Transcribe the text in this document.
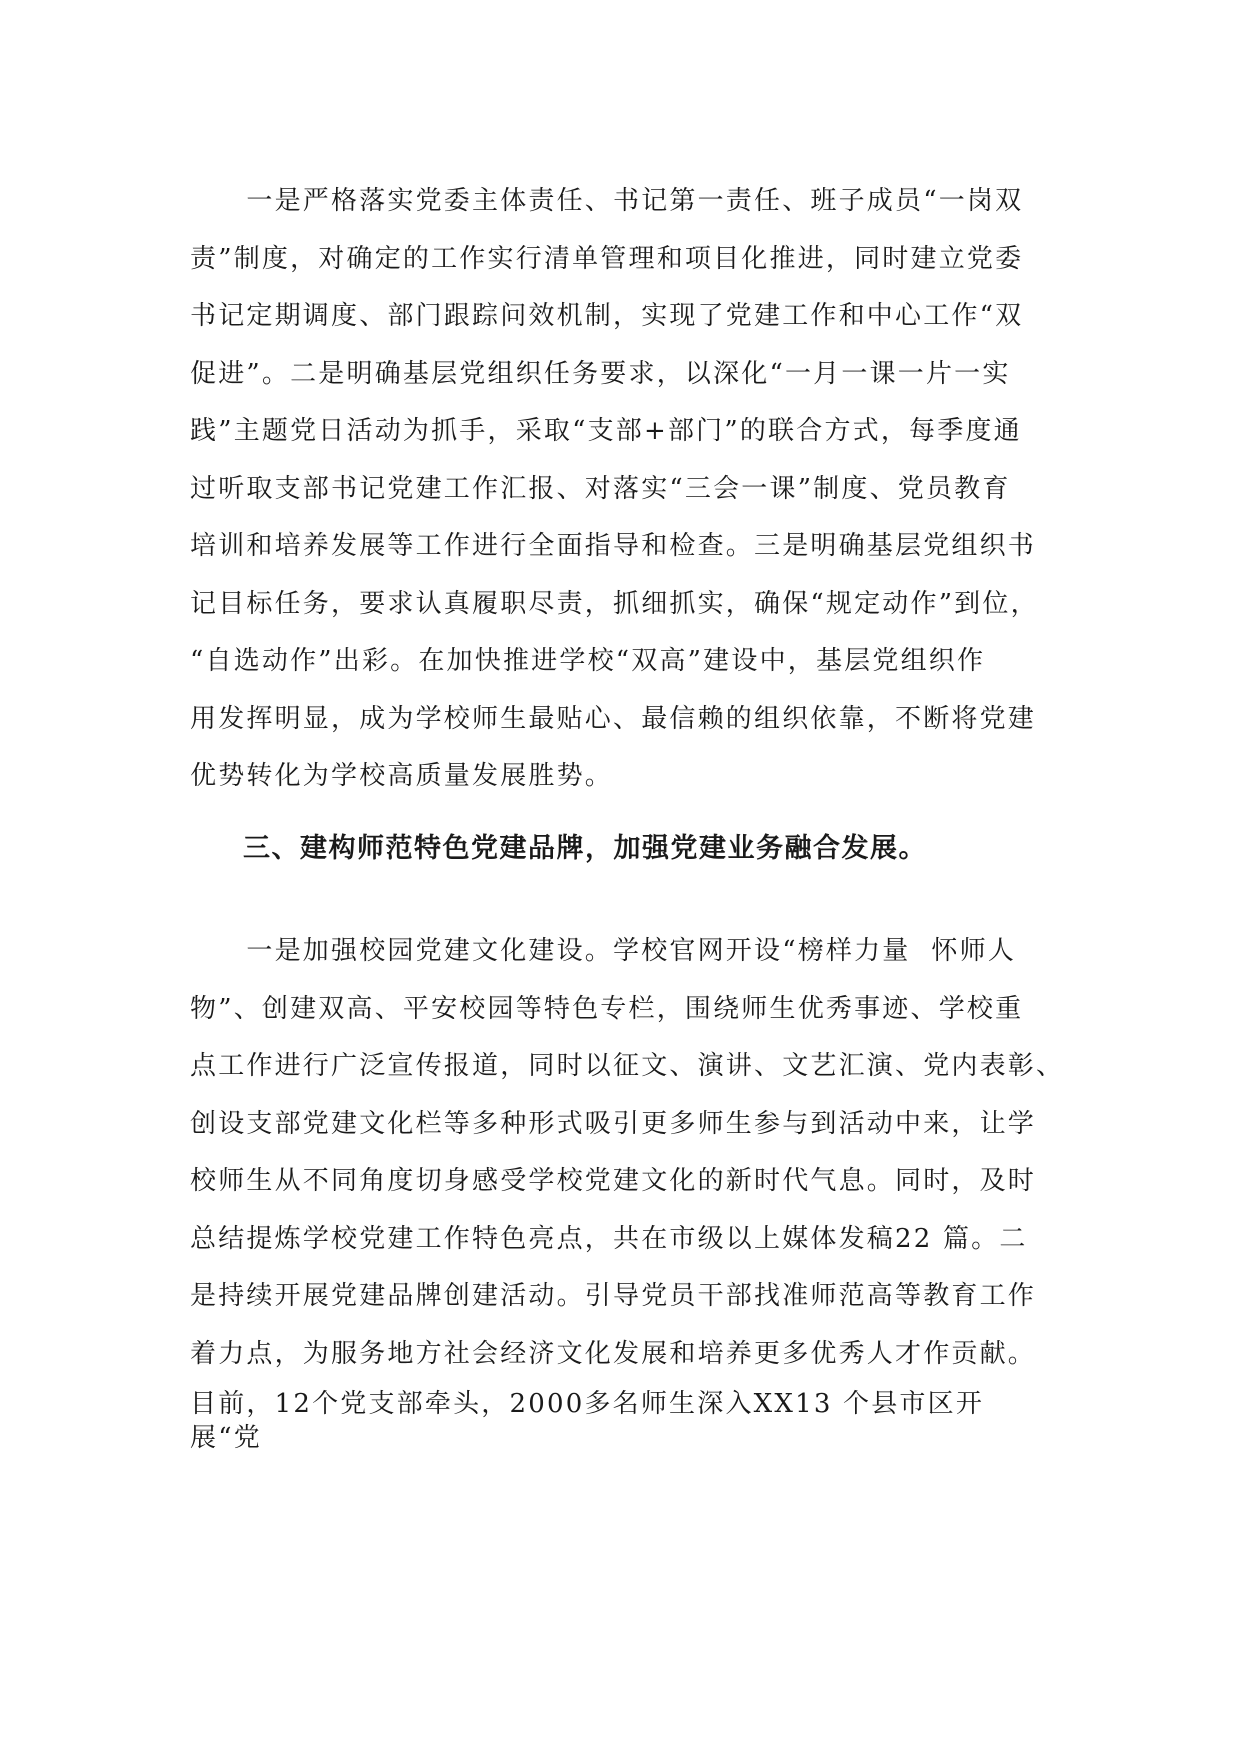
　　一是严格落实党委主体责任、书记第一责任、班子成员“一岗双
责”制度，对确定的工作实行清单管理和项目化推进，同时建立党委
书记定期调度、部门跟踪问效机制，实现了党建工作和中心工作“双
促进”。二是明确基层党组织任务要求，以深化“一月一课一片一实
践”主题党日活动为抓手，采取“支部+部门”的联合方式，每季度通
过听取支部书记党建工作汇报、对落实“三会一课”制度、党员教育
培训和培养发展等工作进行全面指导和检查。三是明确基层党组织书
记目标任务，要求认真履职尽责，抓细抓实，确保“规定动作”到位，
“自选动作”出彩。在加快推进学校“双高”建设中，基层党组织作
用发挥明显，成为学校师生最贴心、最信赖的组织依靠，不断将党建
优势转化为学校高质量发展胜势。
三、建构师范特色党建品牌，加强党建业务融合发展。
　　一是加强校园党建文化建设。学校官网开设“榜样力量  怀师人
物”、创建双高、平安校园等特色专栏，围绕师生优秀事迹、学校重
点工作进行广泛宣传报道，同时以征文、演讲、文艺汇演、党内表彰、
创设支部党建文化栏等多种形式吸引更多师生参与到活动中来，让学
校师生从不同角度切身感受学校党建文化的新时代气息。同时，及时
总结提炼学校党建工作特色亮点，共在市级以上媒体发稿22 篇。二
是持续开展党建品牌创建活动。引导党员干部找准师范高等教育工作
着力点，为服务地方社会经济文化发展和培养更多优秀人才作贡献。
目前，12个党支部牵头，2000多名师生深入XX13 个县市区开
展“党
